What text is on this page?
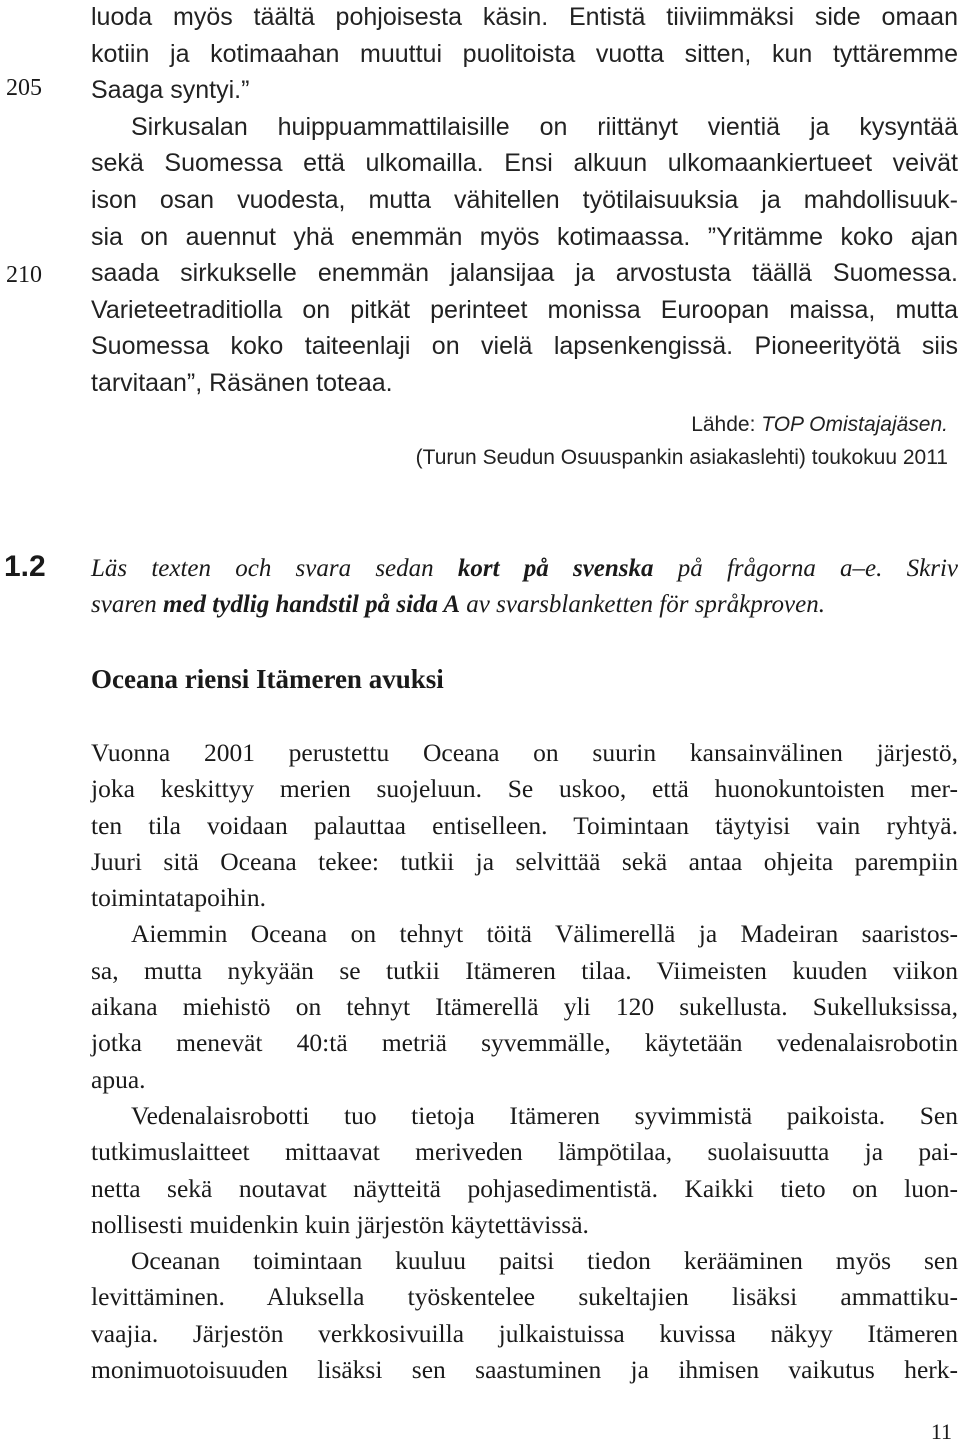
205
210
luoda myös täältä pohjoisesta käsin. Entistä tiiviimmäksi side omaan
kotiin ja kotimaahan muuttui puolitoista vuotta sitten, kun tyttäremme
Saaga syntyi.”
Sirkusalan huippuammattilaisille on riittänyt vientiä ja kysyntää
sekä Suomessa että ulkomailla. Ensi alkuun ulkomaankiertueet veivät
ison osan vuodesta, mutta vähitellen työtilaisuuksia ja mahdollisuuk-
sia on auennut yhä enemmän myös kotimaassa. ”Yritämme koko ajan
saada sirkukselle enemmän jalansijaa ja arvostusta täällä Suomessa.
Varieteetraditiolla on pitkät perinteet monissa Euroopan maissa, mutta
Suomessa koko taiteenlaji on vielä lapsenkengissä. Pioneerityötä siis
tarvitaan”, Räsänen toteaa.
Lähde: TOP Omistajajäsen.
(Turun Seudun Osuuspankin asiakaslehti) toukokuu 2011
1.2 Läs texten och svara sedan kort på svenska på frågorna a–e. Skriv
svaren med tydlig handstil på sida A av svarsblanketten för språkproven.
Oceana riensi Itämeren avuksi
Vuonna 2001 perustettu Oceana on suurin kansainvälinen järjestö,
joka keskittyy merien suojeluun. Se uskoo, että huonokuntoisten mer-
ten tila voidaan palauttaa entiselleen. Toimintaan täytyisi vain ryhtyä.
Juuri sitä Oceana tekee: tutkii ja selvittää sekä antaa ohjeita parempiin
toimintatapoihin.
Aiemmin Oceana on tehnyt töitä Välimerellä ja Madeiran saaristos-
sa, mutta nykyään se tutkii Itämeren tilaa. Viimeisten kuuden viikon
aikana miehistö on tehnyt Itämerellä yli 120 sukellusta. Sukelluksissa,
jotka menevät 40:tä metriä syvemmälle, käytetään vedenalaisrobotin
apua.
Vedenalaisrobotti tuo tietoja Itämeren syvimmistä paikoista. Sen
tutkimuslaitteet mittaavat meriveden lämpötilaa, suolaisuutta ja pai-
netta sekä noutavat näytteitä pohjasedimentistä. Kaikki tieto on luon-
nollisesti muidenkin kuin järjestön käytettävissä.
Oceanan toimintaan kuuluu paitsi tiedon kerääminen myös sen
levittäminen. Aluksella työskentelee sukeltajien lisäksi ammattiku-
vaajia. Järjestön verkkosivuilla julkaistuissa kuvissa näkyy Itämeren
monimuotoisuuden lisäksi sen saastuminen ja ihmisen vaikutus herk-
11
